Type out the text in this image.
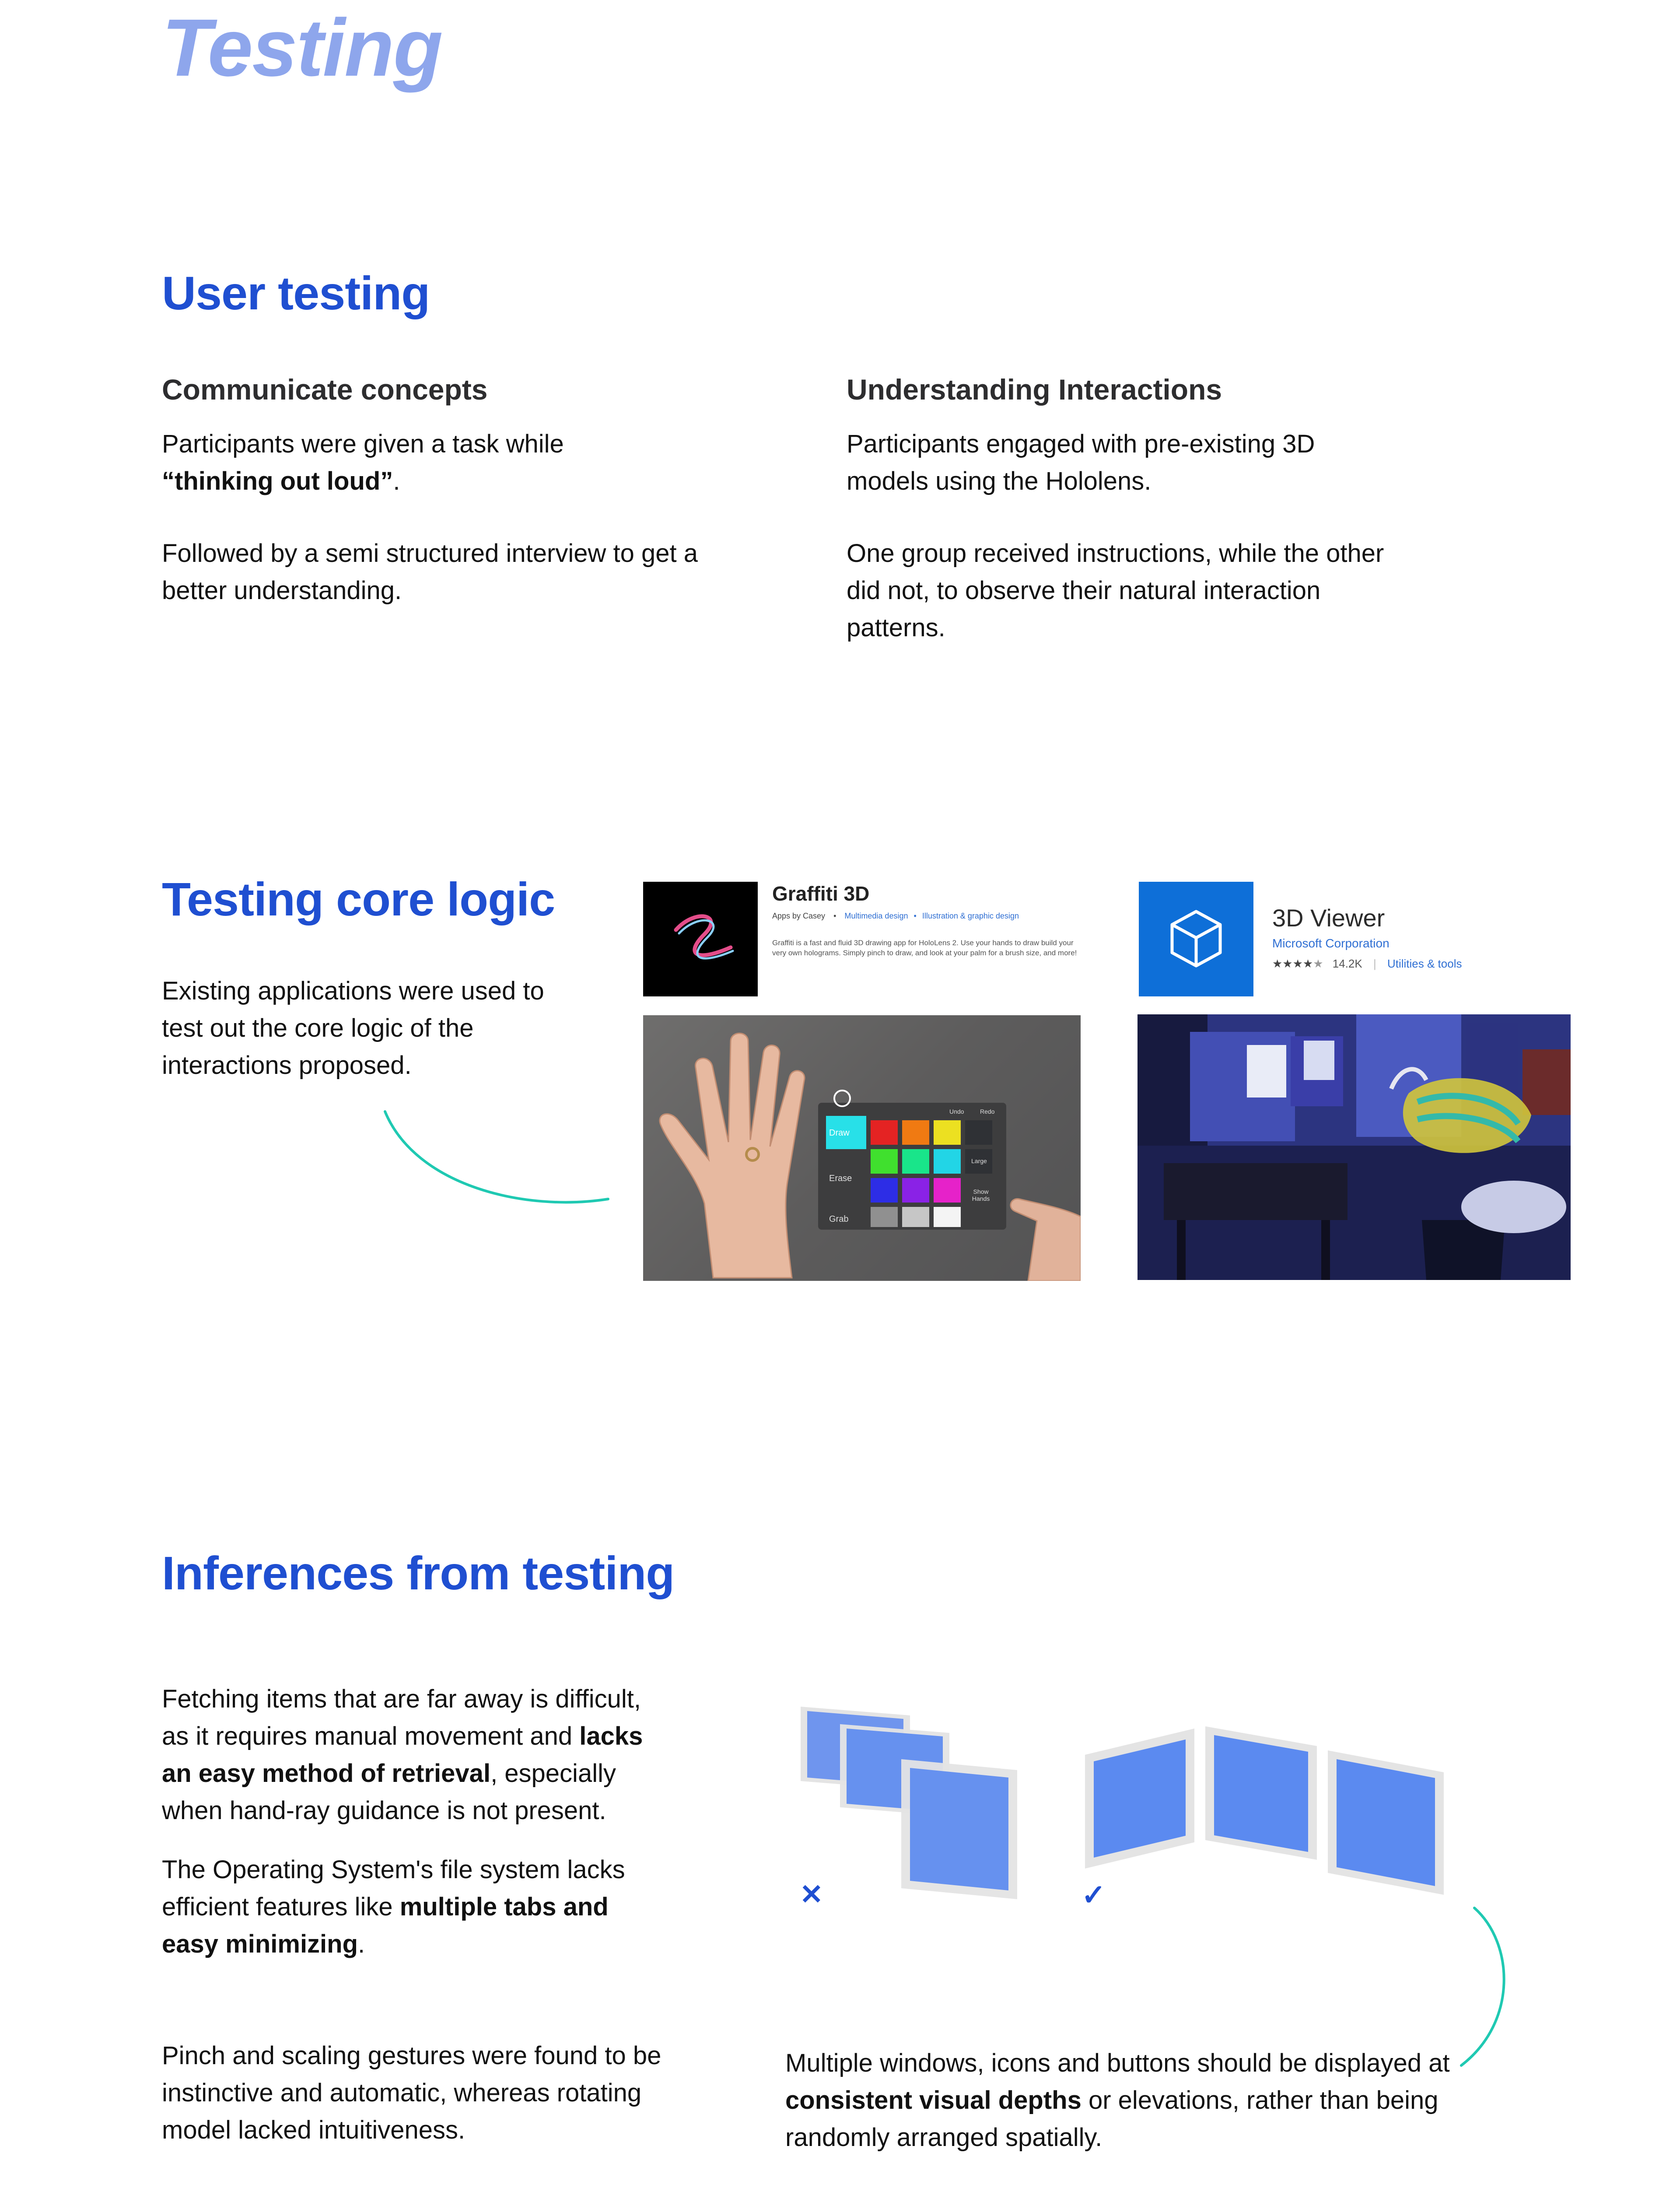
Testing
User testing
Communicate concepts
Participants were given a task while “thinking out loud”.
Followed by a semi structured interview to get a better understanding.
Understanding Interactions
Participants engaged with pre-existing 3D models using the Hololens.
One group received instructions, while the other did not, to observe their natural interaction patterns.
Testing core logic
Existing applications were used to test out the core logic of the interactions proposed.
Graffiti 3D
Apps by Casey • Multimedia design • Illustration & graphic design
Graffiti is a fast and fluid 3D drawing app for HoloLens 2. Use your hands to draw build your very own holograms. Simply pinch to draw, and look at your palm for a brush size, and more!
Draw
Erase
Grab
Undo	Redo
Large
Show Hands
3D Viewer
Microsoft Corporation
★★★★★ 14.2K | Utilities & tools
Inferences from testing
Fetching items that are far away is difficult, as it requires manual movement and lacks an easy method of retrieval, especially when hand-ray guidance is not present.
The Operating System's file system lacks efficient features like multiple tabs and easy minimizing.
Pinch and scaling gestures were found to be instinctive and automatic, whereas rotating model lacked intuitiveness.
✕	✓
Multiple windows, icons and buttons should be displayed at consistent visual depths or elevations, rather than being randomly arranged spatially.
